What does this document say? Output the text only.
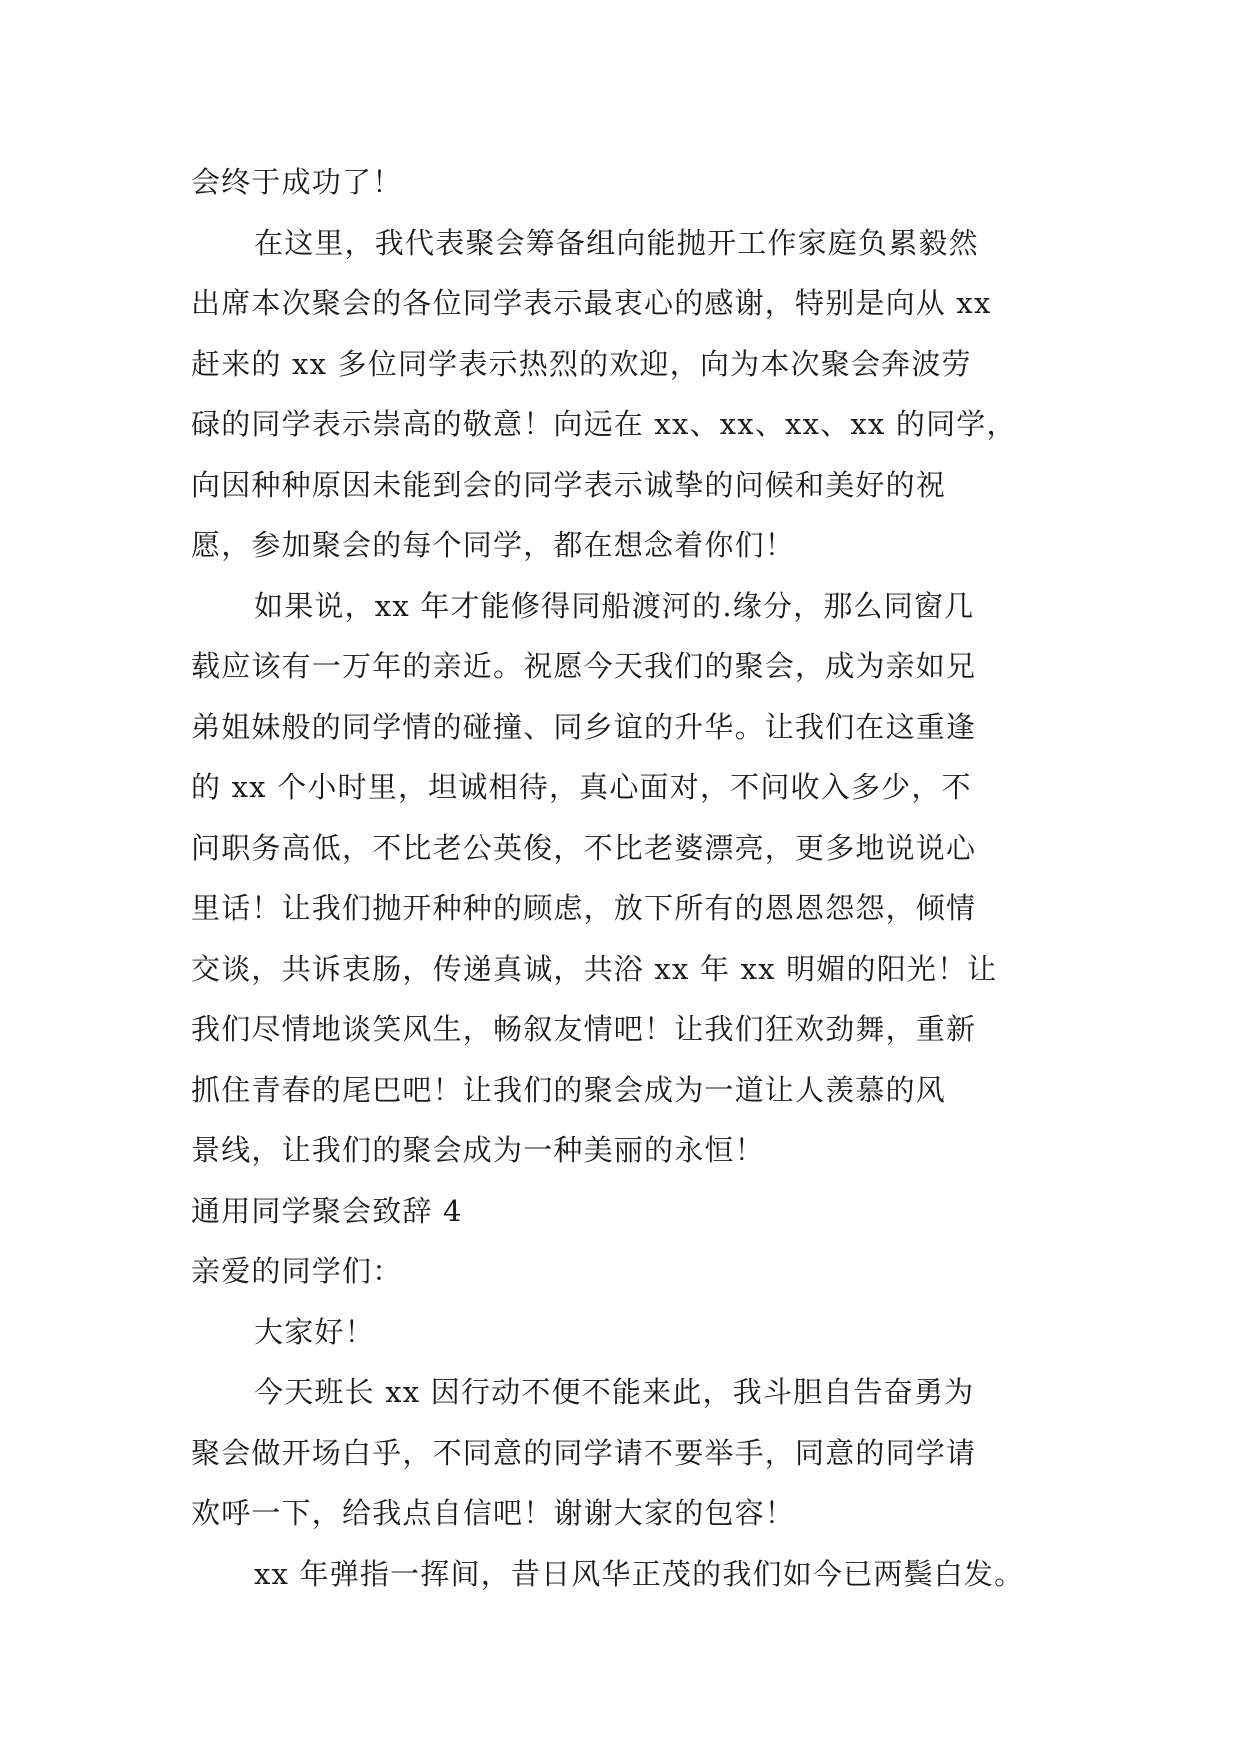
会终于成功了！
在这里，我代表聚会筹备组向能抛开工作家庭负累毅然
出席本次聚会的各位同学表示最衷心的感谢，特别是向从 xx
赶来的 xx 多位同学表示热烈的欢迎，向为本次聚会奔波劳
碌的同学表示崇高的敬意！向远在 xx、xx、xx、xx 的同学，
向因种种原因未能到会的同学表示诚挚的问候和美好的祝
愿，参加聚会的每个同学，都在想念着你们！
如果说，xx 年才能修得同船渡河的.缘分，那么同窗几
载应该有一万年的亲近。祝愿今天我们的聚会，成为亲如兄
弟姐妹般的同学情的碰撞、同乡谊的升华。让我们在这重逢
的 xx 个小时里，坦诚相待，真心面对，不问收入多少，不
问职务高低，不比老公英俊，不比老婆漂亮，更多地说说心
里话！让我们抛开种种的顾虑，放下所有的恩恩怨怨，倾情
交谈，共诉衷肠，传递真诚，共浴 xx 年 xx 明媚的阳光！让
我们尽情地谈笑风生，畅叙友情吧！让我们狂欢劲舞，重新
抓住青春的尾巴吧！让我们的聚会成为一道让人羡慕的风
景线，让我们的聚会成为一种美丽的永恒！
通用同学聚会致辞 4
亲爱的同学们：
大家好！
今天班长 xx 因行动不便不能来此，我斗胆自告奋勇为
聚会做开场白乎，不同意的同学请不要举手，同意的同学请
欢呼一下，给我点自信吧！谢谢大家的包容！
xx 年弹指一挥间，昔日风华正茂的我们如今已两鬓白发。
